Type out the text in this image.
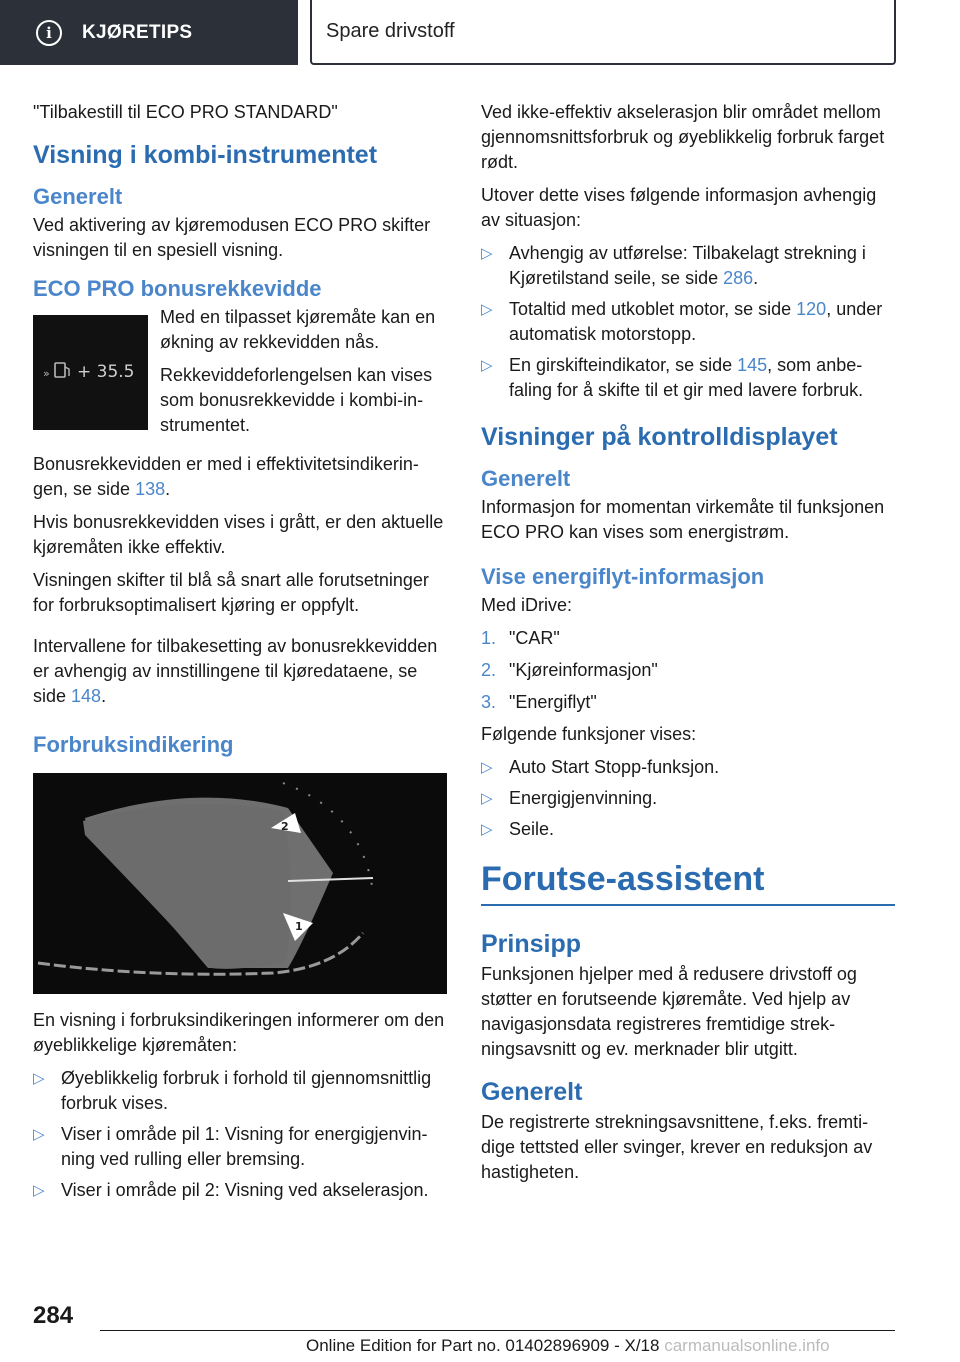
i	KJØRETIPS	Spare drivstoff

"Tilbakestill til ECO PRO STANDARD"

Visning i kombi-instrumentet
Generelt

Ved aktivering av kjøremodusen ECO PRO skifter visningen til en spesiell visning.

ECO PRO bonusrekkevidde
» + 35.5

Med en tilpasset kjøremåte kan en økning av rekkevidden nås.

Rekkeviddeforlengelsen kan vises som bonusrekkevidde i kombi-instrumentet.

Bonusrekkevidden er med i effektivitetsindikeringen, se side 138.

Hvis bonusrekkevidden vises i grått, er den aktuelle kjøremåten ikke effektiv.

Visningen skifter til blå så snart alle forutsetninger for forbruksoptimalisert kjøring er oppfylt.

Intervallene for tilbakesetting av bonusrekkevidden er avhengig av innstillingene til kjøredataene, se side 148.

Forbruksindikering
2
1

En visning i forbruksindikeringen informerer om den øyeblikkelige kjøremåten:

▷ Øyeblikkelig forbruk i forhold til gjennomsnittlig forbruk vises.
▷ Viser i område pil 1: Visning for energigjenvinning ved rulling eller bremsing.
▷ Viser i område pil 2: Visning ved akselerasjon.

Ved ikke-effektiv akselerasjon blir området mellom gjennomsnittsforbruk og øyeblikkelig forbruk farget rødt.

Utover dette vises følgende informasjon avhengig av situasjon:

▷ Avhengig av utførelse: Tilbakelagt strekning i Kjøretilstand seile, se side 286.
▷ Totaltid med utkoblet motor, se side 120, under automatisk motorstopp.
▷ En girskifteindikator, se side 145, som anbefaling for å skifte til et gir med lavere forbruk.
Visninger på kontrolldisplayet
Generelt

Informasjon for momentan virkemåte til funksjonen ECO PRO kan vises som energistrøm.

Vise energiflyt-informasjon

Med iDrive:

1. "CAR"
2. "Kjøreinformasjon"
3. "Energiflyt"

Følgende funksjoner vises:

▷ Auto Start Stopp-funksjon.
▷ Energigjenvinning.
▷ Seile.
Forutse-assistent
Prinsipp

Funksjonen hjelper med å redusere drivstoff og støtter en forutseende kjøremåte. Ved hjelp av navigasjonsdata registreres fremtidige strekningsavsnitt og ev. merknader blir utgitt.

Generelt

De registrerte strekningsavsnittene, f.eks. fremtidige tettsted eller svinger, krever en reduksjon av hastigheten.

284
Online Edition for Part no. 01402896909 - X/18 carmanualsonline.info
